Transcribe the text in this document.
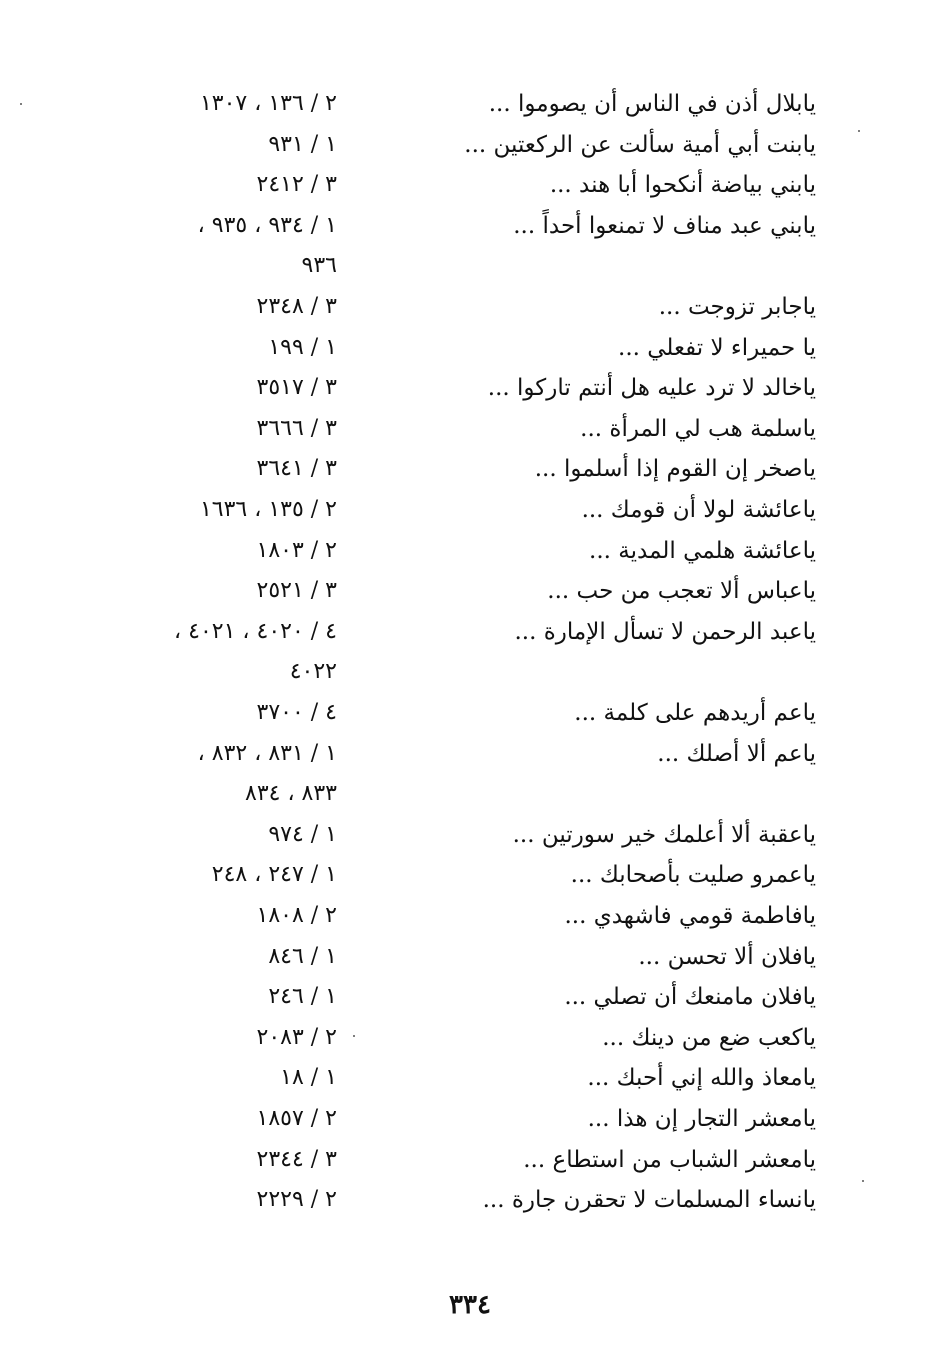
يابلال أذن في الناس أن يصوموا ...
٢ / ١٣٦ ، ١٣٠٧
يابنت أبي أمية سألت عن الركعتين ...
١ / ٩٣١
يابني بياضة أنكحوا أبا هند ...
٣ / ٢٤١٢
يابني عبد مناف لا تمنعوا أحداً ...
١ / ٩٣٤ ، ٩٣٥ ،
٩٣٦
ياجابر تزوجت ...
٣ / ٢٣٤٨
يا حميراء لا تفعلي ...
١ / ١٩٩
ياخالد لا ترد عليه هل أنتم تاركوا ...
٣ / ٣٥١٧
ياسلمة هب لي المرأة ...
٣ / ٣٦٦٦
ياصخر إن القوم إذا أسلموا ...
٣ / ٣٦٤١
ياعائشة لولا أن قومك ...
٢ / ١٣٥ ، ١٦٣٦
ياعائشة هلمي المدية ...
٢ / ١٨٠٣
ياعباس ألا تعجب من حب ...
٣ / ٢٥٢١
ياعبد الرحمن لا تسأل الإمارة ...
٤ / ٤٠٢٠ ، ٤٠٢١ ،
٤٠٢٢
ياعم أريدهم على كلمة ...
٤ / ٣٧٠٠
ياعم ألا أصلك ...
١ / ٨٣١ ، ٨٣٢ ،
٨٣٣ ، ٨٣٤
ياعقبة ألا أعلمك خير سورتين ...
١ / ٩٧٤
ياعمرو صليت بأصحابك ...
١ / ٢٤٧ ، ٢٤٨
يافاطمة قومي فاشهدي ...
٢ / ١٨٠٨
يافلان ألا تحسن ...
١ / ٨٤٦
يافلان مامنعك أن تصلي ...
١ / ٢٤٦
ياكعب ضع من دينك ...
٢ / ٢٠٨٣
يامعاذ والله إني أحبك ...
١ / ١٨
يامعشر التجار إن هذا ...
٢ / ١٨٥٧
يامعشر الشباب من استطاع ...
٣ / ٢٣٤٤
يانساء المسلمات لا تحقرن جارة ...
٢ / ٢٢٢٩
٣٣٤
